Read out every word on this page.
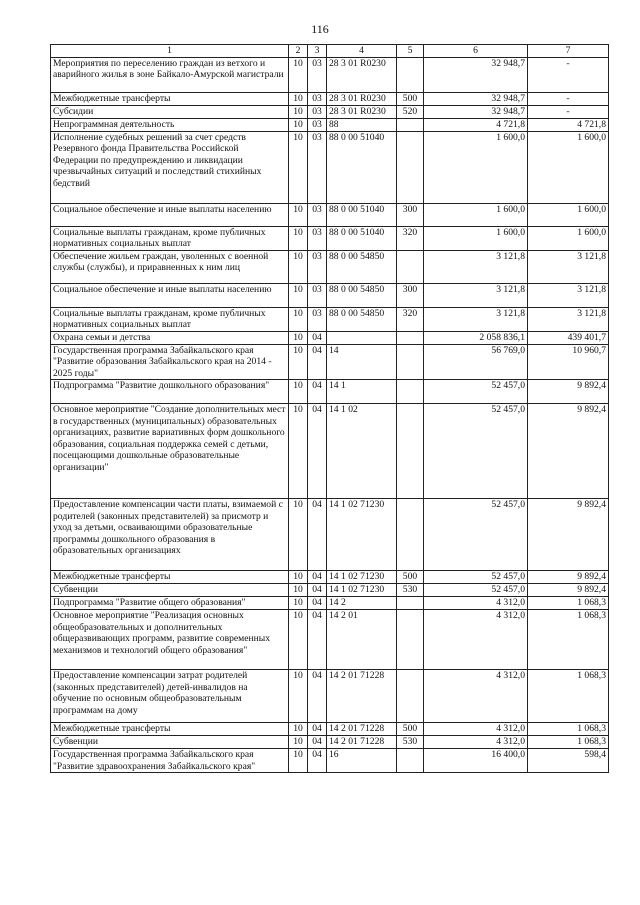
116
1	2	3	4	5	6	7
Мероприятия по переселению граждан из ветхого и аварийного жилья в зоне Байкало-Амурской магистрали	10	03	28 3 01 R0230		32 948,7	-
Межбюджетные трансферты	10	03	28 3 01 R0230	500	32 948,7	-
Субсидии	10	03	28 3 01 R0230	520	32 948,7	-
Непрограммная деятельность	10	03	88		4 721,8	4 721,8
Исполнение судебных решений за счет средств Резервного фонда Правительства Российской Федерации по предупреждению и ликвидации чрезвычайных ситуаций и последствий стихийных бедствий	10	03	88 0 00 51040		1 600,0	1 600,0
Социальное обеспечение и иные выплаты населению	10	03	88 0 00 51040	300	1 600,0	1 600,0
Социальные выплаты гражданам, кроме публичных нормативных социальных выплат	10	03	88 0 00 51040	320	1 600,0	1 600,0
Обеспечение жильем граждан, уволенных с военной службы (службы), и приравненных к ним лиц	10	03	88 0 00 54850		3 121,8	3 121,8
Социальное обеспечение и иные выплаты населению	10	03	88 0 00 54850	300	3 121,8	3 121,8
Социальные выплаты гражданам, кроме публичных нормативных социальных выплат	10	03	88 0 00 54850	320	3 121,8	3 121,8
Охрана семьи и детства	10	04			2 058 836,1	439 401,7
Государственная программа Забайкальского края "Развитие образования Забайкальского края на 2014 - 2025 годы"	10	04	14		56 769,0	10 960,7
Подпрограмма "Развитие дошкольного образования"	10	04	14 1		52 457,0	9 892,4
Основное мероприятие "Создание дополнительных мест в государственных (муниципальных) образовательных организациях, развитие вариативных форм дошкольного образования, социальная поддержка семей с детьми, посещающими дошкольные образовательные организации"	10	04	14 1 02		52 457,0	9 892,4
Предоставление компенсации части платы, взимаемой с родителей (законных представителей) за присмотр и уход за детьми, осваивающими образовательные программы дошкольного образования в образовательных организациях	10	04	14 1 02 71230		52 457,0	9 892,4
Межбюджетные трансферты	10	04	14 1 02 71230	500	52 457,0	9 892,4
Субвенции	10	04	14 1 02 71230	530	52 457,0	9 892,4
Подпрограмма "Развитие общего образования"	10	04	14 2		4 312,0	1 068,3
Основное мероприятие "Реализация основных общеобразовательных и дополнительных общеразвивающих программ, развитие современных механизмов и технологий общего образования"	10	04	14 2 01		4 312,0	1 068,3
Предоставление компенсации затрат родителей (законных представителей) детей-инвалидов на обучение по основным общеобразовательным программам на дому	10	04	14 2 01 71228		4 312,0	1 068,3
Межбюджетные трансферты	10	04	14 2 01 71228	500	4 312,0	1 068,3
Субвенции	10	04	14 2 01 71228	530	4 312,0	1 068,3
Государственная программа Забайкальского края "Развитие здравоохранения Забайкальского края"	10	04	16		16 400,0	598,4
